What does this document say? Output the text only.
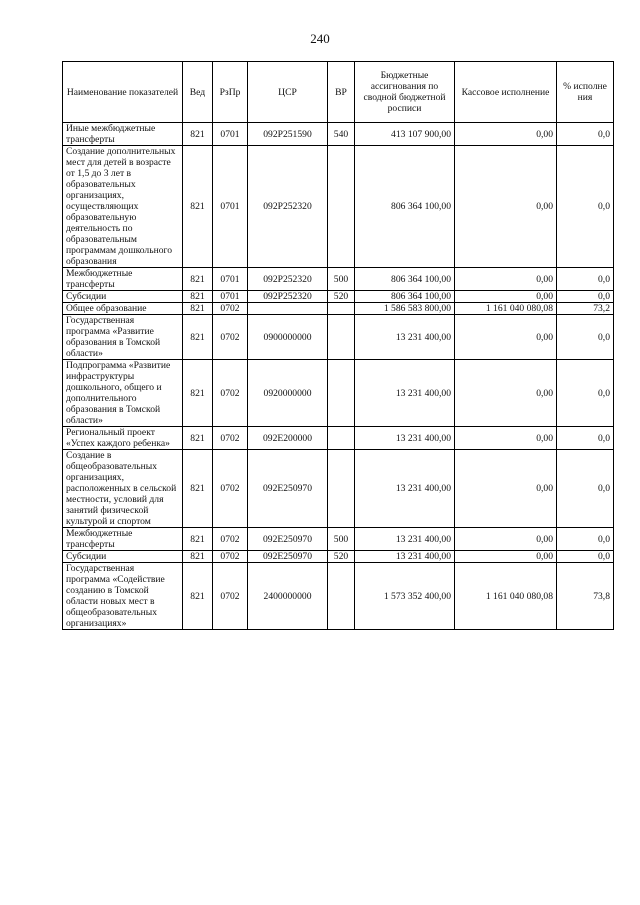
240
Наименование показателей	Вед	РзПр	ЦСР	ВР	Бюджетные ассигнования по сводной бюджетной росписи	Кассовое исполнение	% исполне ния
Иные межбюджетные трансферты	821	0701	092P251590	540	413 107 900,00	0,00	0,0
Создание дополнительных мест для детей в возрасте от 1,5 до 3 лет в образовательных организациях, осуществляющих образовательную деятельность по образовательным программам дошкольного образования	821	0701	092P252320		806 364 100,00	0,00	0,0
Межбюджетные трансферты	821	0701	092P252320	500	806 364 100,00	0,00	0,0
Субсидии	821	0701	092P252320	520	806 364 100,00	0,00	0,0
Общее образование	821	0702			1 586 583 800,00	1 161 040 080,08	73,2
Государственная программа «Развитие образования в Томской области»	821	0702	0900000000		13 231 400,00	0,00	0,0
Подпрограмма «Развитие инфраструктуры дошкольного, общего и дополнительного образования в Томской области»	821	0702	0920000000		13 231 400,00	0,00	0,0
Региональный проект «Успех каждого ребенка»	821	0702	092E200000		13 231 400,00	0,00	0,0
Создание в общеобразовательных организациях, расположенных в сельской местности, условий для занятий физической культурой и спортом	821	0702	092E250970		13 231 400,00	0,00	0,0
Межбюджетные трансферты	821	0702	092E250970	500	13 231 400,00	0,00	0,0
Субсидии	821	0702	092E250970	520	13 231 400,00	0,00	0,0
Государственная программа «Содействие созданию в Томской области новых мест в общеобразовательных организациях»	821	0702	2400000000		1 573 352 400,00	1 161 040 080,08	73,8
